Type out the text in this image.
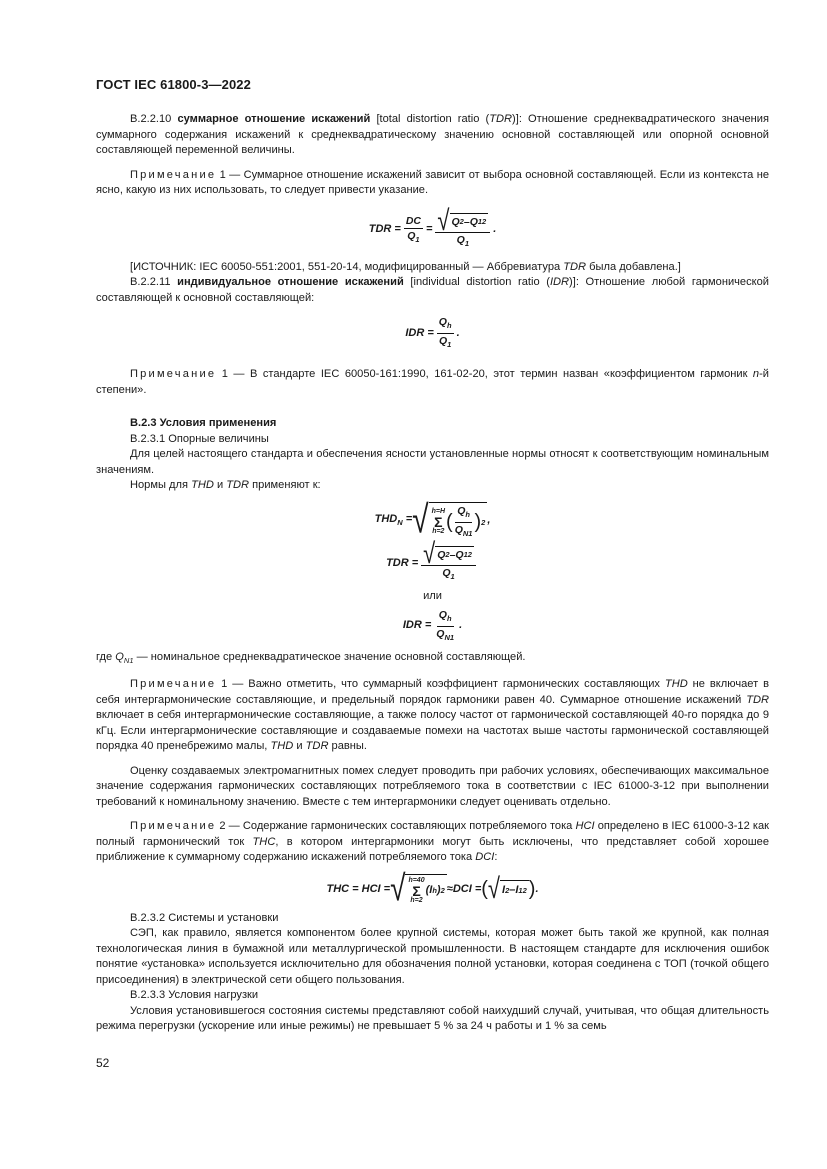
ГОСТ IEC 61800-3—2022

B.2.2.10 суммарное отношение искажений [total distortion ratio (TDR)]: Отношение среднеквадратического значения суммарного содержания искажений к среднеквадратическому значению основной составляющей или опорной основной составляющей переменной величины.

Примечание 1 — Суммарное отношение искажений зависит от выбора основной составляющей. Если из контекста не ясно, какую из них использовать, то следует привести указание.

TDR = $\frac{DC}{Q_1} = \frac{√ Q 2 - Q 1 2}{Q_1}$ .

[ИСТОЧНИК: IEC 60050-551:2001, 551-20-14, модифицированный — Аббревиатура TDR была добавлена.]

B.2.2.11 индивидуальное отношение искажений [individual distortion ratio (IDR)]: Отношение любой гармонической составляющей к основной составляющей:

IDR = $\frac{Q_h}{Q_1}$ .

Примечание 1 — В стандарте IEC 60050-161:1990, 161-02-20, этот термин назван «коэффициентом гармоник n-й степени».

B.2.3 Условия применения

B.2.3.1 Опорные величины

Для целей настоящего стандарта и обеспечения ясности установленные нормы относят к соответствующим номинальным значениям.

Нормы для THD и TDR применяют к:

$THD_N$ = √ h=H
Σ
h=2 ( $\frac{Q_h}{Q_{N1}}$ ) 2 ,
TDR = $\frac{√ Q 2 - Q 1 2}{Q_1}$

или

IDR = $\frac{Q_h}{Q_{N1}}$ .

где $Q_{N1}$ — номинальное среднеквадратическое значение основной составляющей.

Примечание 1 — Важно отметить, что суммарный коэффициент гармонических составляющих THD не включает в себя интергармонические составляющие, и предельный порядок гармоники равен 40. Суммарное отношение искажений TDR включает в себя интергармонические составляющие, а также полосу частот от гармонической составляющей 40-го порядка до 9 кГц. Если интергармонические составляющие и создаваемые помехи на частотах выше частоты гармонической составляющей порядка 40 пренебрежимо малы, THD и TDR равны.

Оценку создаваемых электромагнитных помех следует проводить при рабочих условиях, обеспечивающих максимальное значение содержания гармонических составляющих потребляемого тока в соответствии с IEC 61000-3-12 при выполнении требований к номинальному значению. Вместе с тем интергармоники следует оценивать отдельно.

Примечание 2 — Содержание гармонических составляющих потребляемого тока HCI определено в IEC 61000-3-12 как полный гармонический ток THC, в котором интергармоники могут быть исключены, что представляет собой хорошее приближение к суммарному содержанию искажений потребляемого тока DCI:

THC = HCI = √ h=40
Σ
h=2
(I h ) 2 ≈ DCI = ( √ I 2 – I 1 2 ) .

B.2.3.2 Системы и установки

СЭП, как правило, является компонентом более крупной системы, которая может быть такой же крупной, как полная технологическая линия в бумажной или металлургической промышленности. В настоящем стандарте для исключения ошибок понятие «установка» используется исключительно для обозначения полной установки, которая соединена с ТОП (точкой общего присоединения) в электрической сети общего пользования.

B.2.3.3 Условия нагрузки

Условия установившегося состояния системы представляют собой наихудший случай, учитывая, что общая длительность режима перегрузки (ускорение или иные режимы) не превышает 5 % за 24 ч работы и 1 % за семь

52
